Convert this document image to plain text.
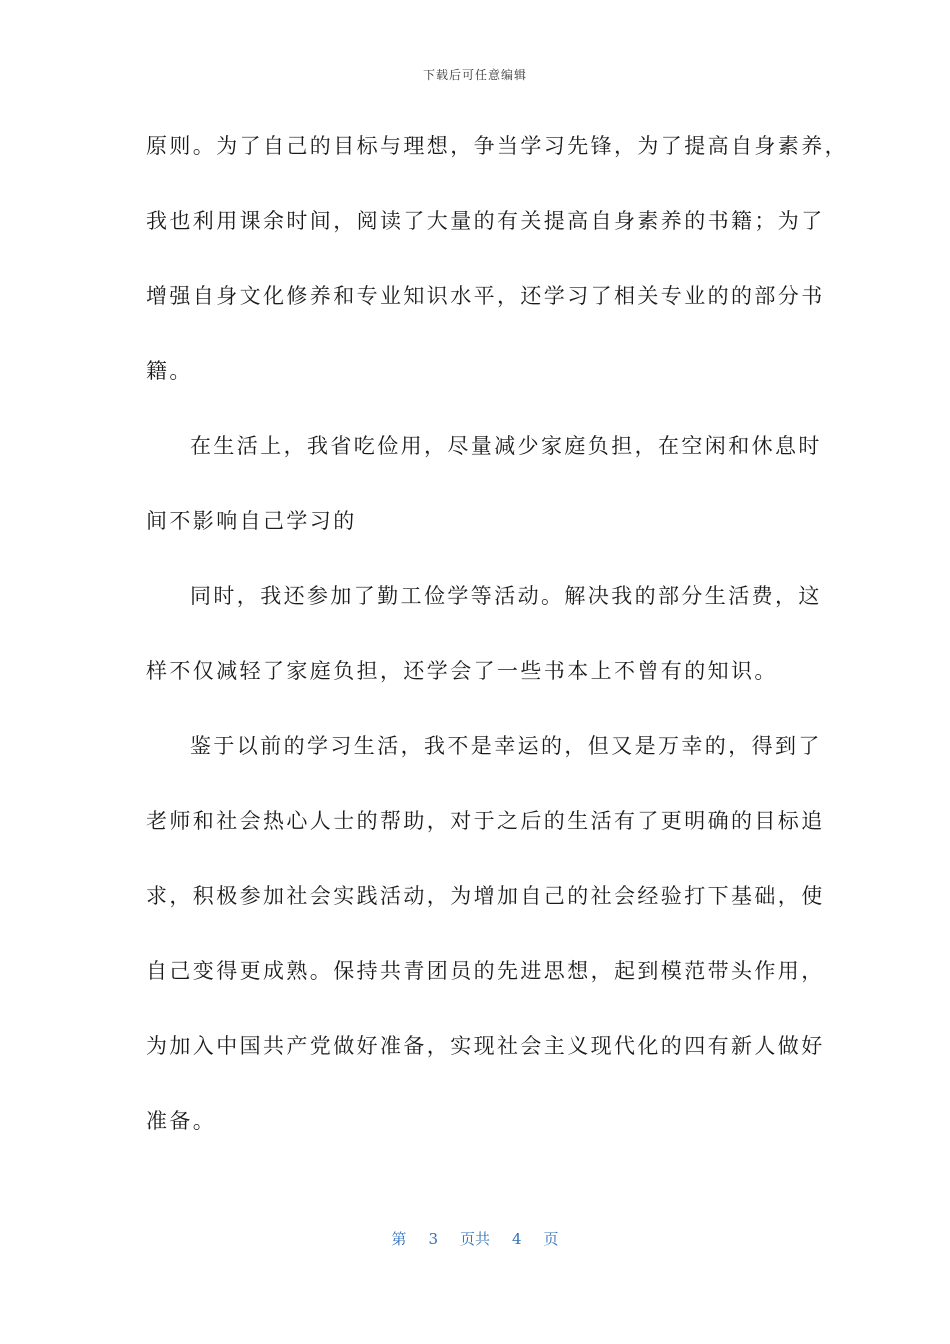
下载后可任意编辑
原则。为了自己的目标与理想，争当学习先锋，为了提高自身素养，
我也利用课余时间，阅读了大量的有关提高自身素养的书籍；为了
增强自身文化修养和专业知识水平，还学习了相关专业的的部分书
籍。
在生活上，我省吃俭用，尽量减少家庭负担，在空闲和休息时
间不影响自己学习的
同时，我还参加了勤工俭学等活动。解决我的部分生活费，这
样不仅减轻了家庭负担，还学会了一些书本上不曾有的知识。
鉴于以前的学习生活，我不是幸运的，但又是万幸的，得到了
老师和社会热心人士的帮助，对于之后的生活有了更明确的目标追
求，积极参加社会实践活动，为增加自己的社会经验打下基础，使
自己变得更成熟。保持共青团员的先进思想，起到模范带头作用，
为加入中国共产党做好准备，实现社会主义现代化的四有新人做好
准备。
第 3 页共 4 页
